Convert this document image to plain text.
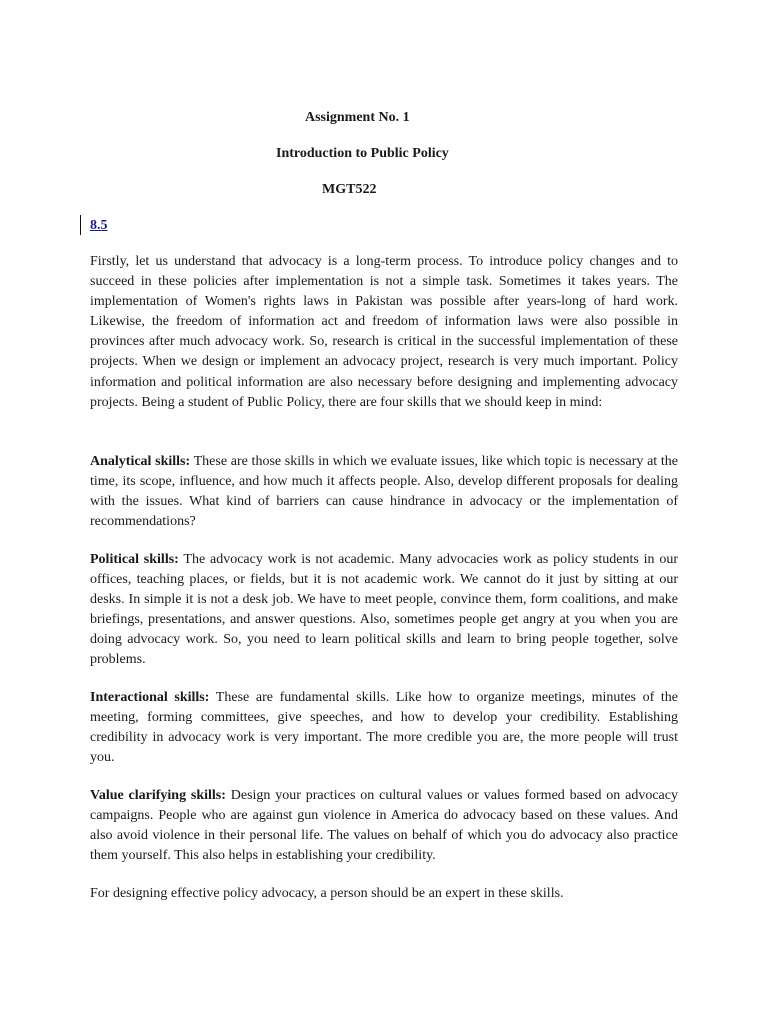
Assignment No. 1
Introduction to Public Policy
MGT522
8.5

Firstly, let us understand that advocacy is a long-term process. To introduce policy changes and to succeed in these policies after implementation is not a simple task. Sometimes it takes years. The implementation of Women's rights laws in Pakistan was possible after years-long of hard work. Likewise, the freedom of information act and freedom of information laws were also possible in provinces after much advocacy work. So, research is critical in the successful implementation of these projects. When we design or implement an advocacy project, research is very much important. Policy information and political information are also necessary before designing and implementing advocacy projects. Being a student of Public Policy, there are four skills that we should keep in mind:

Analytical skills: These are those skills in which we evaluate issues, like which topic is necessary at the time, its scope, influence, and how much it affects people. Also, develop different proposals for dealing with the issues. What kind of barriers can cause hindrance in advocacy or the implementation of recommendations?

Political skills: The advocacy work is not academic. Many advocacies work as policy students in our offices, teaching places, or fields, but it is not academic work. We cannot do it just by sitting at our desks. In simple it is not a desk job. We have to meet people, convince them, form coalitions, and make briefings, presentations, and answer questions. Also, sometimes people get angry at you when you are doing advocacy work. So, you need to learn political skills and learn to bring people together, solve problems.

Interactional skills: These are fundamental skills. Like how to organize meetings, minutes of the meeting, forming committees, give speeches, and how to develop your credibility. Establishing credibility in advocacy work is very important. The more credible you are, the more people will trust you.

Value clarifying skills: Design your practices on cultural values or values formed based on advocacy campaigns. People who are against gun violence in America do advocacy based on these values. And also avoid violence in their personal life. The values on behalf of which you do advocacy also practice them yourself. This also helps in establishing your credibility.

For designing effective policy advocacy, a person should be an expert in these skills.
